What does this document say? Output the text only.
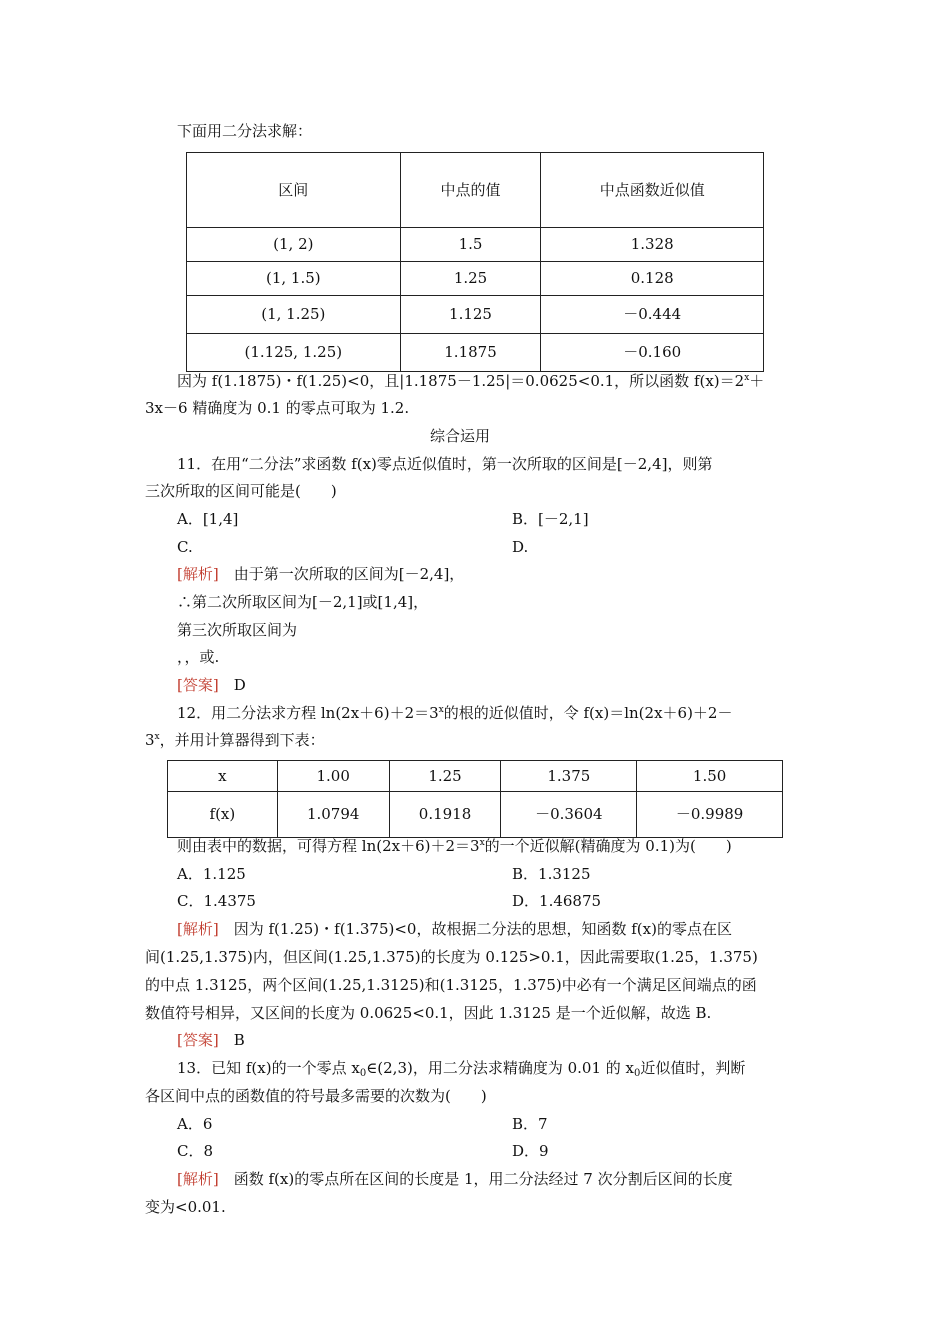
下面用二分法求解：
区间	中点的值	中点函数近似值
(1, 2)	1.5	1.328
(1, 1.5)	1.25	0.128
(1, 1.25)	1.125	－0.444
(1.125, 1.25)	1.1875	－0.160
因为 f(1.1875)・f(1.25)<0，且|1.1875－1.25|＝0.0625<0.1，所以函数 $f(x)=2^x+$
3x－6 精确度为 0.1 的零点可取为 1.2.
综合运用
11．在用“二分法”求函数 f(x)零点近似值时，第一次所取的区间是[－2,4]，则第
三次所取的区间可能是(　　)
A．[1,4]	B．[－2,1]
C.	D.
[解析]　 由于第一次所取的区间为[－2,4]，
∴第二次所取区间为[－2,1]或[1,4]，
第三次所取区间为
，，或.
[答案]　 D
12．用二分法求方程 $\ln(2x+6)+2=3^x$的根的近似值时，令 f(x)＝ln(2x＋6)＋2－
$3^x$，并用计算器得到下表：
x	1.00	1.25	1.375	1.50
f(x)	1.0794	0.1918	－0.3604	－0.9989
则由表中的数据，可得方程 $\ln(2x+6)+2=3^x$的一个近似解(精确度为 0.1)为(　　)
A．1.125	B．1.3125
C．1.4375	D．1.46875
[解析]　 因为 f(1.25)・f(1.375)<0，故根据二分法的思想，知函数 f(x)的零点在区
间(1.25,1.375)内，但区间(1.25,1.375)的长度为 0.125>0.1，因此需要取(1.25，1.375)
的中点 1.3125，两个区间(1.25,1.3125)和(1.3125，1.375)中必有一个满足区间端点的函
数值符号相异，又区间的长度为 0.0625<0.1，因此 1.3125 是一个近似解，故选 B.
[答案]　 B
13．已知 f(x)的一个零点 $x_0\in(2,3)$，用二分法求精确度为 0.01 的 $x_0$近似值时，判断
各区间中点的函数值的符号最多需要的次数为(　　)
A．6	B．7
C．8	D．9
[解析]　 函数 f(x)的零点所在区间的长度是 1，用二分法经过 7 次分割后区间的长度
变为<0.01.
